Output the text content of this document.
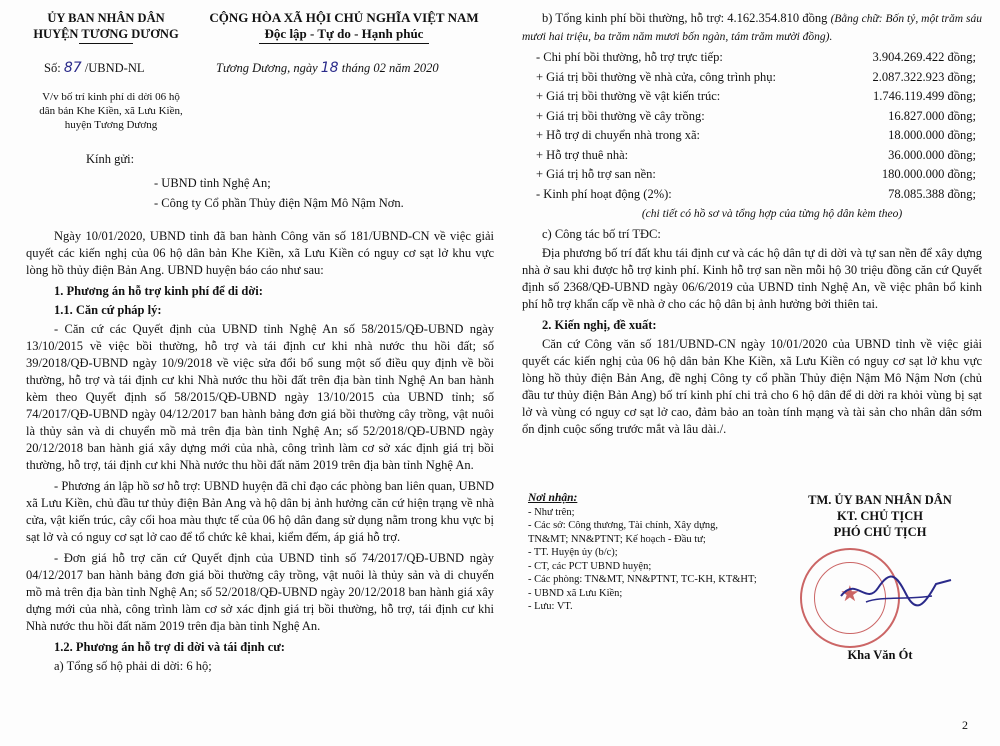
ỦY BAN NHÂN DÂN
HUYỆN TƯƠNG DƯƠNG
CỘNG HÒA XÃ HỘI CHỦ NGHĨA VIỆT NAM
Độc lập - Tự do - Hạnh phúc
Số: 87 /UBND-NL	Tương Dương, ngày 18 tháng 02 năm 2020
V/v bố trí kinh phí di dời 06 hộ
dân bản Khe Kiền, xã Lưu Kiền,
huyện Tương Dương
Kính gửi:
- UBND tỉnh Nghệ An;
- Công ty Cổ phần Thủy điện Nậm Mô Nậm Nơn.

Ngày 10/01/2020, UBND tỉnh đã ban hành Công văn số 181/UBND-CN về việc giải quyết các kiến nghị của 06 hộ dân bản Khe Kiền, xã Lưu Kiền có nguy cơ sạt lở khu vực lòng hồ thủy điện Bản Ang. UBND huyện báo cáo như sau:

1. Phương án hỗ trợ kinh phí để di dời:
1.1. Căn cứ pháp lý:

- Căn cứ các Quyết định của UBND tỉnh Nghệ An số 58/2015/QĐ-UBND ngày 13/10/2015 về việc bồi thường, hỗ trợ và tái định cư khi nhà nước thu hồi đất; số 39/2018/QĐ-UBND ngày 10/9/2018 về việc sửa đổi bổ sung một số điều quy định về bồi thường, hỗ trợ và tái định cư khi Nhà nước thu hồi đất trên địa bàn tỉnh Nghệ An ban hành kèm theo Quyết định số 58/2015/QĐ-UBND ngày 13/10/2015 của UBND tỉnh; số 74/2017/QĐ-UBND ngày 04/12/2017 ban hành bảng đơn giá bồi thường cây trồng, vật nuôi là thủy sản và di chuyển mồ mả trên địa bàn tỉnh Nghệ An; số 52/2018/QĐ-UBND ngày 20/12/2018 ban hành giá xây dựng mới của nhà, công trình làm cơ sở xác định giá trị bồi thường, hỗ trợ, tái định cư khi Nhà nước thu hồi đất năm 2019 trên địa bàn tỉnh Nghệ An.

- Phương án lập hồ sơ hỗ trợ: UBND huyện đã chỉ đạo các phòng ban liên quan, UBND xã Lưu Kiền, chủ đầu tư thủy điện Bản Ang và hộ dân bị ảnh hưởng căn cứ hiện trạng về nhà cửa, vật kiến trúc, cây cối hoa màu thực tế của 06 hộ dân đang sử dụng nằm trong khu vực bị sạt lở và có nguy cơ sạt lở cao để tổ chức kê khai, kiểm đếm, áp giá hỗ trợ.

- Đơn giá hỗ trợ căn cứ Quyết định của UBND tỉnh số 74/2017/QĐ-UBND ngày 04/12/2017 ban hành bảng đơn giá bồi thường cây trồng, vật nuôi là thủy sản và di chuyển mồ mả trên địa bàn tỉnh Nghệ An; số 52/2018/QĐ-UBND ngày 20/12/2018 ban hành giá xây dựng mới của nhà, công trình làm cơ sở xác định giá trị bồi thường, hỗ trợ, tái định cư khi Nhà nước thu hồi đất năm 2019 trên địa bàn tỉnh Nghệ An.

1.2. Phương án hỗ trợ di dời và tái định cư:

a) Tổng số hộ phải di dời: 6 hộ;

b) Tổng kinh phí bồi thường, hỗ trợ: 4.162.354.810 đồng (Bằng chữ: Bốn tỷ, một trăm sáu mươi hai triệu, ba trăm năm mươi bốn ngàn, tám trăm mười đồng).
- Chi phí bồi thường, hỗ trợ trực tiếp:	3.904.269.422 đồng;
+ Giá trị bồi thường về nhà cửa, công trình phụ:	2.087.322.923 đồng;
+ Giá trị bồi thường về vật kiến trúc:	1.746.119.499 đồng;
+ Giá trị bồi thường về cây trồng:	16.827.000 đồng;
+ Hỗ trợ di chuyển nhà trong xã:	18.000.000 đồng;
+ Hỗ trợ thuê nhà:	36.000.000 đồng;
+ Giá trị hỗ trợ san nền:	180.000.000 đồng;
- Kinh phí hoạt động (2%):	78.085.388 đồng;
(chi tiết có hồ sơ và tổng hợp của từng hộ dân kèm theo)
c) Công tác bố trí TĐC:

Địa phương bố trí đất khu tái định cư và các hộ dân tự di dời và tự san nền để xây dựng nhà ở sau khi được hỗ trợ kinh phí. Kinh hỗ trợ san nền mỗi hộ 30 triệu đồng căn cứ Quyết định số 2368/QĐ-UBND ngày 06/6/2019 của UBND tỉnh Nghệ An, về việc phân bổ kinh phí hỗ trợ khẩn cấp về nhà ở cho các hộ dân bị ảnh hưởng bởi thiên tai.

2. Kiến nghị, đề xuất:

Căn cứ Công văn số 181/UBND-CN ngày 10/01/2020 của UBND tỉnh về việc giải quyết các kiến nghị của 06 hộ dân bản Khe Kiền, xã Lưu Kiền có nguy cơ sạt lở khu vực lòng hồ thủy điện Bản Ang, đề nghị Công ty cổ phần Thủy điện Nậm Mô Nậm Nơn (chủ đầu tư thủy điện Bản Ang) bố trí kinh phí chi trả cho 6 hộ dân để di dời ra khỏi vùng bị sạt lở và vùng có nguy cơ sạt lở cao, đảm bảo an toàn tính mạng và tài sản cho nhân dân sớm ổn định cuộc sống trước mắt và lâu dài./.

Nơi nhận:
- Như trên;
- Các sở: Công thương, Tài chính, Xây dựng,
TN&MT; NN&PTNT; Kế hoạch - Đầu tư;
- TT. Huyện ủy (b/c);
- CT, các PCT UBND huyện;
- Các phòng: TN&MT, NN&PTNT, TC-KH, KT&HT;
- UBND xã Lưu Kiền;
- Lưu: VT.
TM. ỦY BAN NHÂN DÂN
KT. CHỦ TỊCH
PHÓ CHỦ TỊCH
★
Kha Văn Ót
2
